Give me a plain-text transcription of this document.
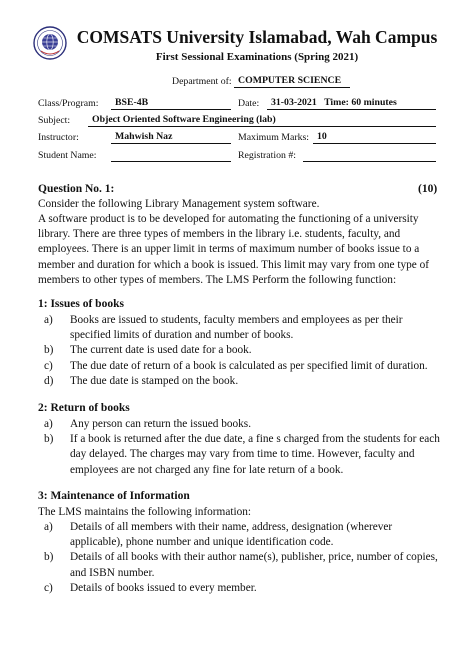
COMSATS University Islamabad, Wah Campus
First Sessional Examinations (Spring 2021)
Department of: COMPUTER SCIENCE
Class/Program:	BSE-4B	Date:	31-03-2021 Time: 60 minutes
Subject:	Object Oriented Software Engineering (lab)
Instructor:	Mahwish Naz	Maximum Marks: 10
Student Name:	Registration #:
Question No. 1:	(10)
Consider the following Library Management system software.
A software product is to be developed for automating the functioning of a university library. There are three types of members in the library i.e. students, faculty, and employees. There is an upper limit in terms of maximum number of books issue to a member and duration for which a book is issued. This limit may vary from one type of members to other types of members. The LMS Perform the following function:
1: Issues of books
a) Books are issued to students, faculty members and employees as per their specified limits of duration and number of books.
b) The current date is used date for a book.
c) The due date of return of a book is calculated as per specified limit of duration.
d) The due date is stamped on the book.
2: Return of books
a) Any person can return the issued books.
b) If a book is returned after the due date, a fine s charged from the students for each day delayed. The charges may vary from time to time. However, faculty and employees are not charged any fine for late return of a book.
3: Maintenance of Information
The LMS maintains the following information:
a) Details of all members with their name, address, designation (wherever applicable), phone number and unique identification code.
b) Details of all books with their author name(s), publisher, price, number of copies, and ISBN number.
c) Details of books issued to every member.
